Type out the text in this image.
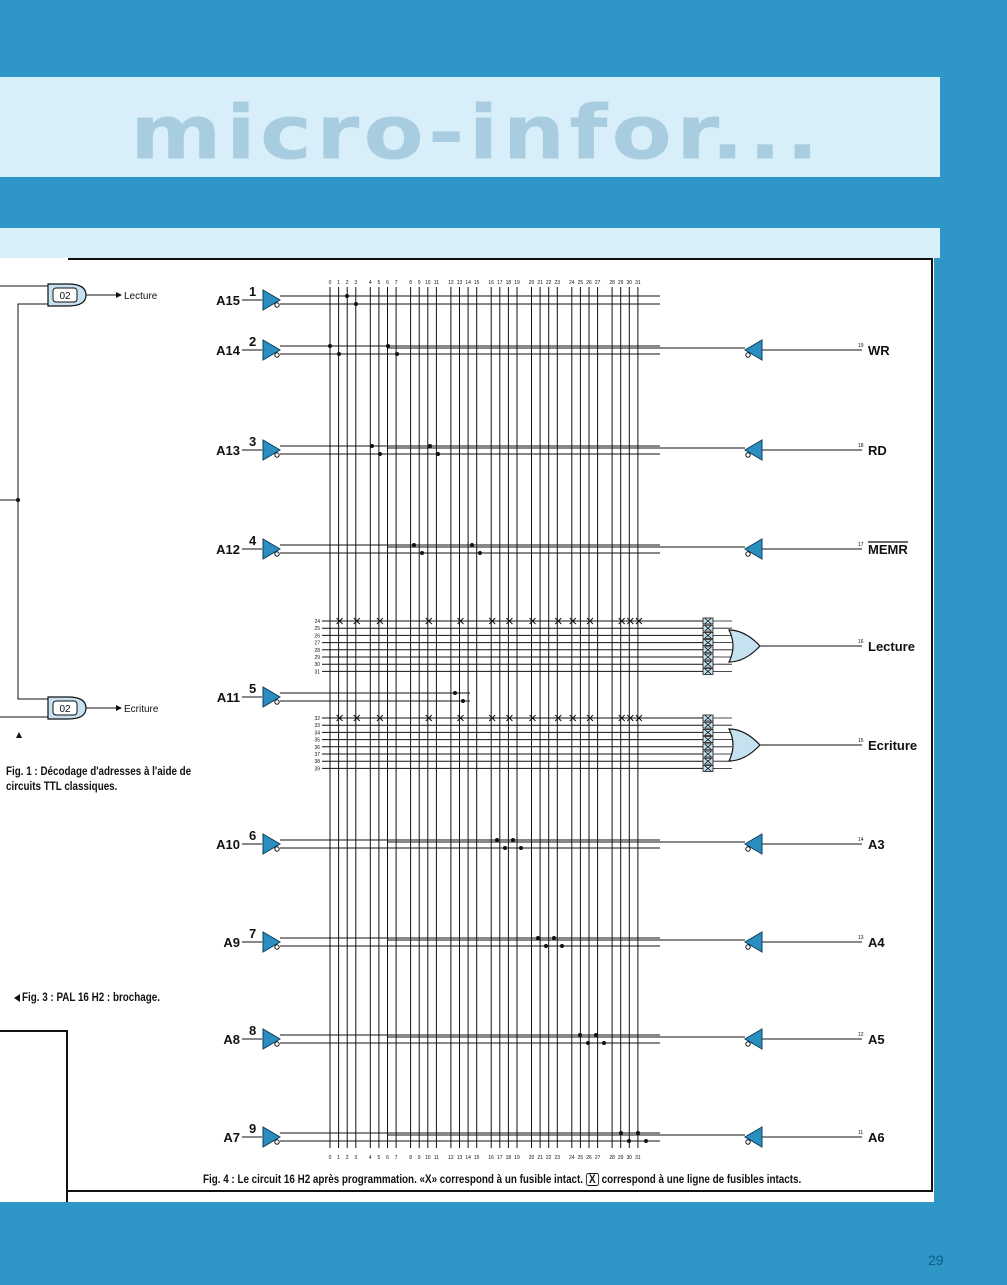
micro-infor...
0
0
1
1
2
2
3
3
4
4
5
5
6
6
7
7
8
8
9
9
10
10
11
11
12
12
13
13
14
14
15
15
16
16
17
17
18
18
19
19
20
20
21
21
22
22
23
23
24
24
25
25
26
26
27
27
28
28
29
29
30
30
31
31
A15
1
A14
2
A13
3
A12
4
A11
5
A10
6
A9
7
A8
8
A7
9
19 WR
18 RD
17 MEMR
14 A3
13 A4
12 A5
11 A6
24
25
26
27
28
29
30
31
16 Lecture
32
33
34
35
36
37
38
39
15 Ecriture
02	Lecture
02	Ecriture
Fig. 1 : Décodage d'adresses à l'aide de circuits TTL classiques.
Fig. 3 : PAL 16 H2 : brochage.
Fig. 4 : Le circuit 16 H2 après programmation. «X» correspond à un fusible intact. X correspond à une ligne de fusibles intacts.
29
